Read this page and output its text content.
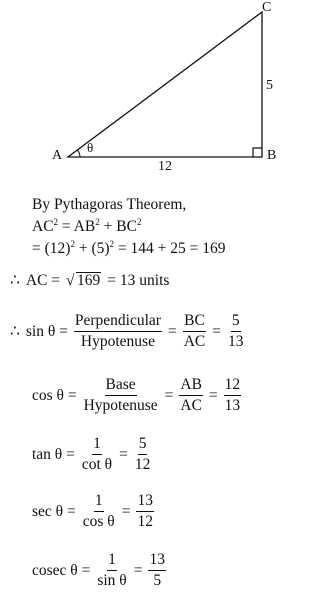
A	B
C
θ
12
5
By Pythagoras Theorem,
$AC^2 = AB^2 + BC^2$
= $(12)^2 + (5)^2 = 144 + 25 = 169$
∴ AC = √ 169 = 13 units
∴ $\sin \theta = \frac{\text{Perpendicular}}{\text{Hypotenuse}} = \frac{BC}{AC} = \frac{5}{13}$
$\cos \theta = \frac{\text{Base}}{\text{Hypotenuse}} = \frac{AB}{AC} = \frac{12}{13}$
$\tan \theta = \frac{1}{\text{cot θ}} = \frac{5}{12}$
$\sec \theta = \frac{1}{\text{cos θ}} = \frac{13}{12}$
cosec $\theta = \frac{1}{\text{sin θ}} = \frac{13}{5}$
